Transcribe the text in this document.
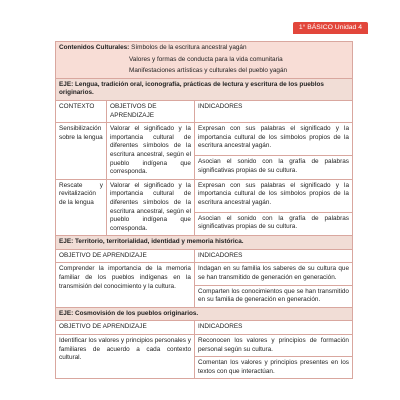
1° BÁSICO Unidad 4
Contenidos Culturales: Símbolos de la escritura ancestral yagán
Valores y formas de conducta para la vida comunitaria
Manifestaciones artísticas y culturales del pueblo yagán		

EJE: Lengua, tradición oral, iconografía, prácticas de lectura y escritura de los pueblos originarios.		
CONTEXTO	OBJETIVOS DE APRENDIZAJE	INDICADORES
Sensibilización sobre la lengua	Valorar el significado y la importancia cultural de diferentes símbolos de la escritura ancestral, según el pueblo indígena que corresponda.	Expresan con sus palabras el significado y la importancia cultural de los símbolos propios de la escritura ancestral yagán.
		Asocian el sonido con la grafía de palabras significativas propias de su cultura.
Rescate y revitalización de la lengua	Valorar el significado y la importancia cultural de diferentes símbolos de la escritura ancestral, según el pueblo indígena que corresponda.	Expresan con sus palabras el significado y la importancia cultural de los símbolos propios de la escritura ancestral yagán.
		Asocian el sonido con la grafía de palabras significativas propias de su cultura.
EJE: Territorio, territorialidad, identidad y memoria histórica.		
OBJETIVO DE APRENDIZAJE		INDICADORES
Comprender la importancia de la memoria familiar de los pueblos indígenas en la transmisión del conocimiento y la cultura.		Indagan en su familia los saberes de su cultura que se han transmitido de generación en generación.
		Comparten los conocimientos que se han transmitido en su familia de generación en generación.
EJE: Cosmovisión de los pueblos originarios.		
OBJETIVO DE APRENDIZAJE		INDICADORES
Identificar los valores y principios personales y familiares de acuerdo a cada contexto cultural.		Reconocen los valores y principios de formación personal según su cultura.
		Comentan los valores y principios presentes en los textos con que interactúan.
